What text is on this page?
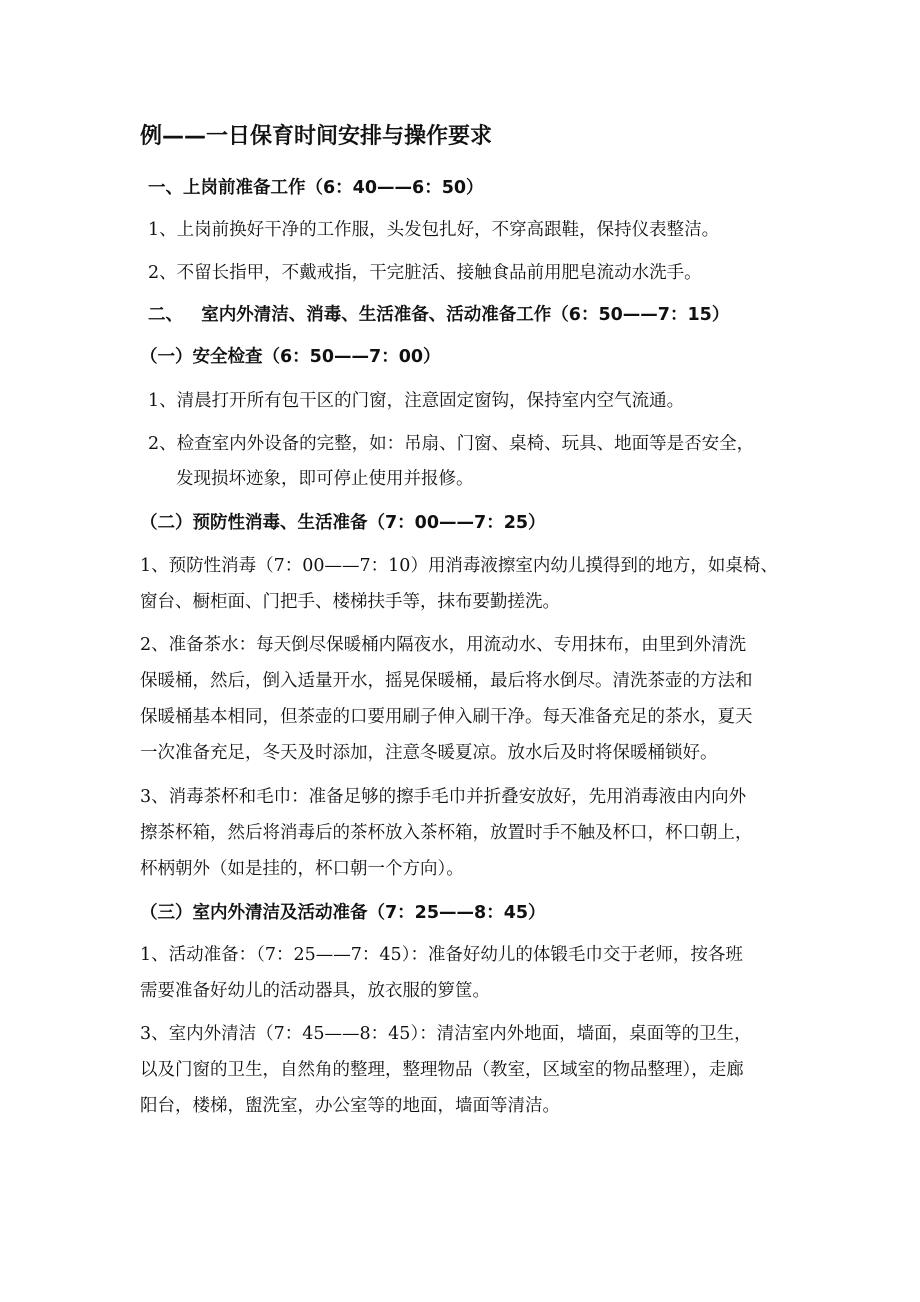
例——一日保育时间安排与操作要求

一、上岗前准备工作（6：40——6：50）

1、上岗前换好干净的工作服，头发包扎好，不穿高跟鞋，保持仪表整洁。

2、不留长指甲，不戴戒指，干完脏活、接触食品前用肥皂流动水洗手。

二、   室内外清洁、消毒、生活准备、活动准备工作（6：50——7：15）

（一）安全检查（6：50——7：00）

1、清晨打开所有包干区的门窗，注意固定窗钩，保持室内空气流通。

2、检查室内外设备的完整，如：吊扇、门窗、桌椅、玩具、地面等是否安全，

发现损坏迹象，即可停止使用并报修。

（二）预防性消毒、生活准备（7：00——7：25）

1、预防性消毒（7：00——7：10）用消毒液擦室内幼儿摸得到的地方，如桌椅、

窗台、橱柜面、门把手、楼梯扶手等，抹布要勤搓洗。

2、准备茶水：每天倒尽保暖桶内隔夜水，用流动水、专用抹布，由里到外清洗

保暖桶，然后，倒入适量开水，摇晃保暖桶，最后将水倒尽。清洗茶壶的方法和

保暖桶基本相同，但茶壶的口要用刷子伸入刷干净。每天准备充足的茶水，夏天

一次准备充足，冬天及时添加，注意冬暖夏凉。放水后及时将保暖桶锁好。

3、消毒茶杯和毛巾：准备足够的擦手毛巾并折叠安放好，先用消毒液由内向外

擦茶杯箱，然后将消毒后的茶杯放入茶杯箱，放置时手不触及杯口，杯口朝上，

杯柄朝外（如是挂的，杯口朝一个方向）。

（三）室内外清洁及活动准备（7：25——8：45）

1、活动准备：（7：25——7：45）：准备好幼儿的体锻毛巾交于老师，按各班

需要准备好幼儿的活动器具，放衣服的箩筐。

3、室内外清洁（7：45——8：45）：清洁室内外地面，墙面，桌面等的卫生，

以及门窗的卫生，自然角的整理，整理物品（教室，区域室的物品整理），走廊

阳台，楼梯，盥洗室，办公室等的地面，墙面等清洁。
